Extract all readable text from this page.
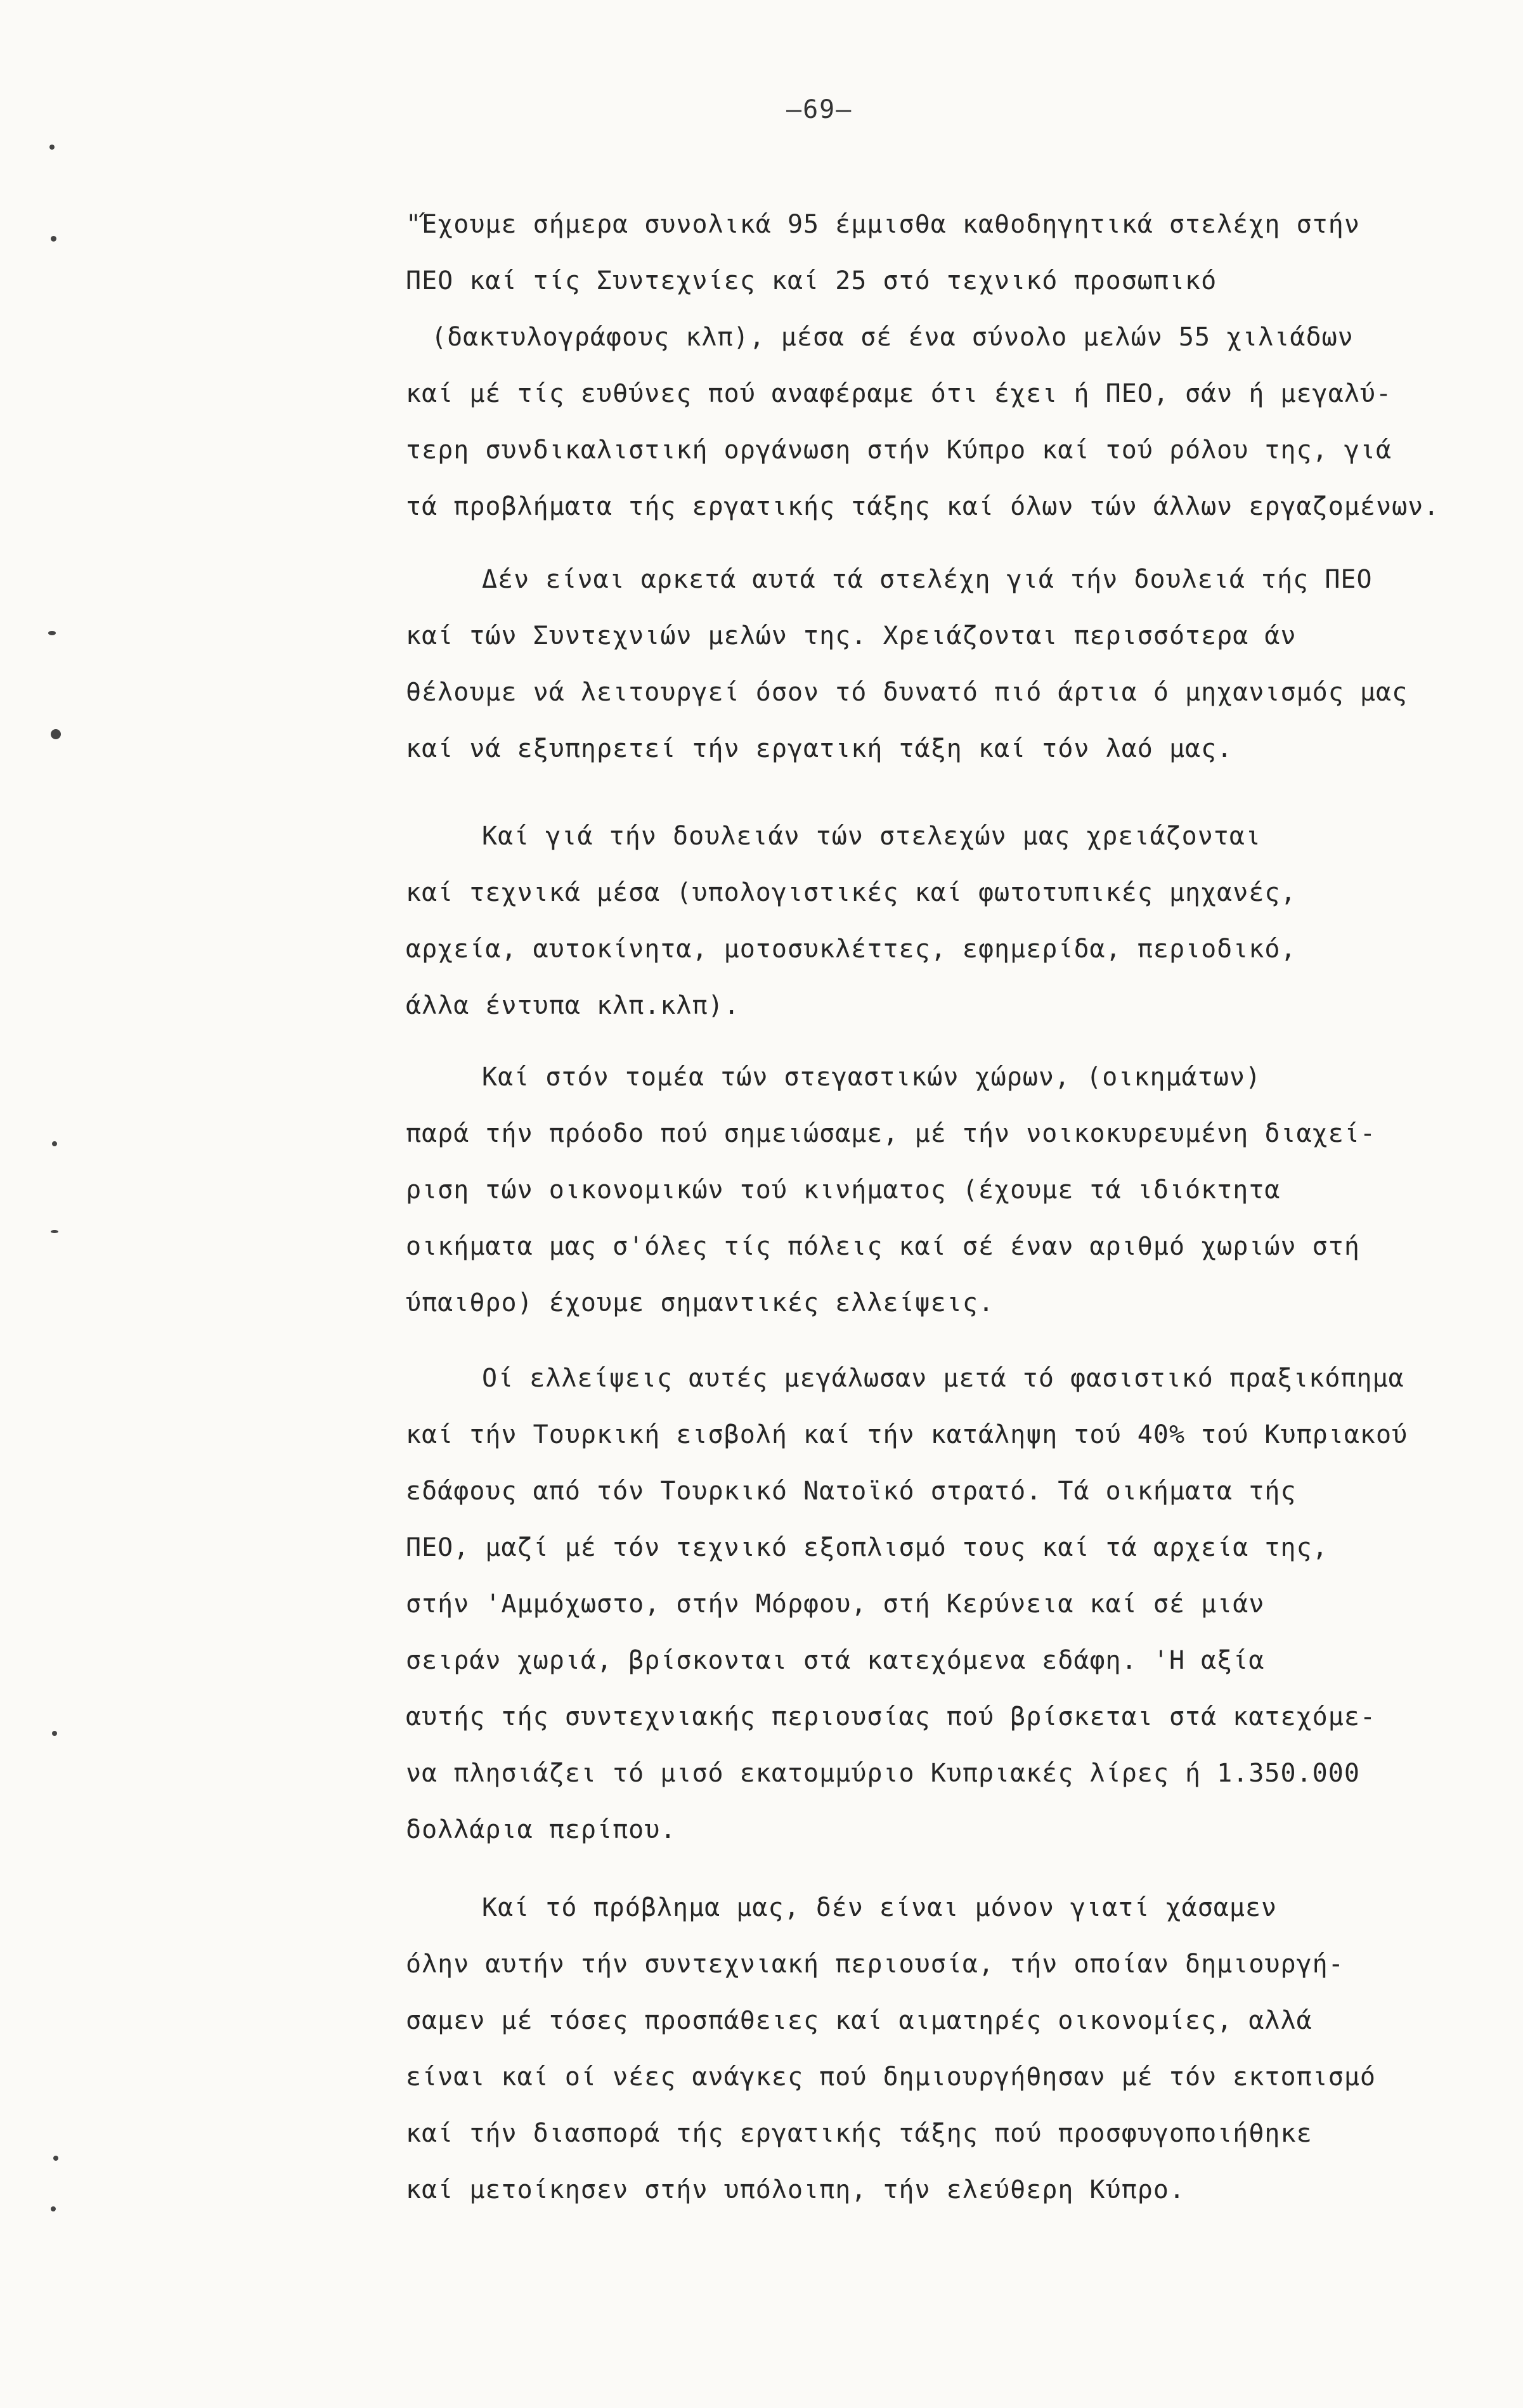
–69–
"Έχουμε σήμερα συνολικά 95 έμμισθα καθοδηγητικά στελέχη στήν
ΠΕΟ καί τίς Συντεχνίες καί 25 στό τεχνικό προσωπικό
(δακτυλογράφους κλπ), μέσα σέ ένα σύνολο μελών 55 χιλιάδων
καί μέ τίς ευθύνες πού αναφέραμε ότι έχει ή ΠΕΟ, σάν ή μεγαλύ-
τερη συνδικαλιστική οργάνωση στήν Κύπρο καί τού ρόλου της, γιά
τά προβλήματα τής εργατικής τάξης καί όλων τών άλλων εργαζομένων.
Δέν είναι αρκετά αυτά τά στελέχη γιά τήν δουλειά τής ΠΕΟ
καί τών Συντεχνιών μελών της. Χρειάζονται περισσότερα άν
θέλουμε νά λειτουργεί όσον τό δυνατό πιό άρτια ό μηχανισμός μας
καί νά εξυπηρετεί τήν εργατική τάξη καί τόν λαό μας.
Καί γιά τήν δουλειάν τών στελεχών μας χρειάζονται
καί τεχνικά μέσα (υπολογιστικές καί φωτοτυπικές μηχανές,
αρχεία, αυτοκίνητα, μοτοσυκλέττες, εφημερίδα, περιοδικό,
άλλα έντυπα κλπ.κλπ).
Καί στόν τομέα τών στεγαστικών χώρων, (οικημάτων)
παρά τήν πρόοδο πού σημειώσαμε, μέ τήν νοικοκυρευμένη διαχεί-
ριση τών οικονομικών τού κινήματος (έχουμε τά ιδιόκτητα
οικήματα μας σ'όλες τίς πόλεις καί σέ έναν αριθμό χωριών στή
ύπαιθρο) έχουμε σημαντικές ελλείψεις.
Οί ελλείψεις αυτές μεγάλωσαν μετά τό φασιστικό πραξικόπημα
καί τήν Τουρκική εισβολή καί τήν κατάληψη τού 40% τού Κυπριακού
εδάφους από τόν Τουρκικό Νατοϊκό στρατό. Τά οικήματα τής
ΠΕΟ, μαζί μέ τόν τεχνικό εξοπλισμό τους καί τά αρχεία της,
στήν 'Αμμόχωστο, στήν Μόρφου, στή Κερύνεια καί σέ μιάν
σειράν χωριά, βρίσκονται στά κατεχόμενα εδάφη. 'Η αξία
αυτής τής συντεχνιακής περιουσίας πού βρίσκεται στά κατεχόμε-
να πλησιάζει τό μισό εκατομμύριο Κυπριακές λίρες ή 1.350.000
δολλάρια περίπου.
Καί τό πρόβλημα μας, δέν είναι μόνον γιατί χάσαμεν
όλην αυτήν τήν συντεχνιακή περιουσία, τήν οποίαν δημιουργή-
σαμεν μέ τόσες προσπάθειες καί αιματηρές οικονομίες, αλλά
είναι καί οί νέες ανάγκες πού δημιουργήθησαν μέ τόν εκτοπισμό
καί τήν διασπορά τής εργατικής τάξης πού προσφυγοποιήθηκε
καί μετοίκησεν στήν υπόλοιπη, τήν ελεύθερη Κύπρο.
